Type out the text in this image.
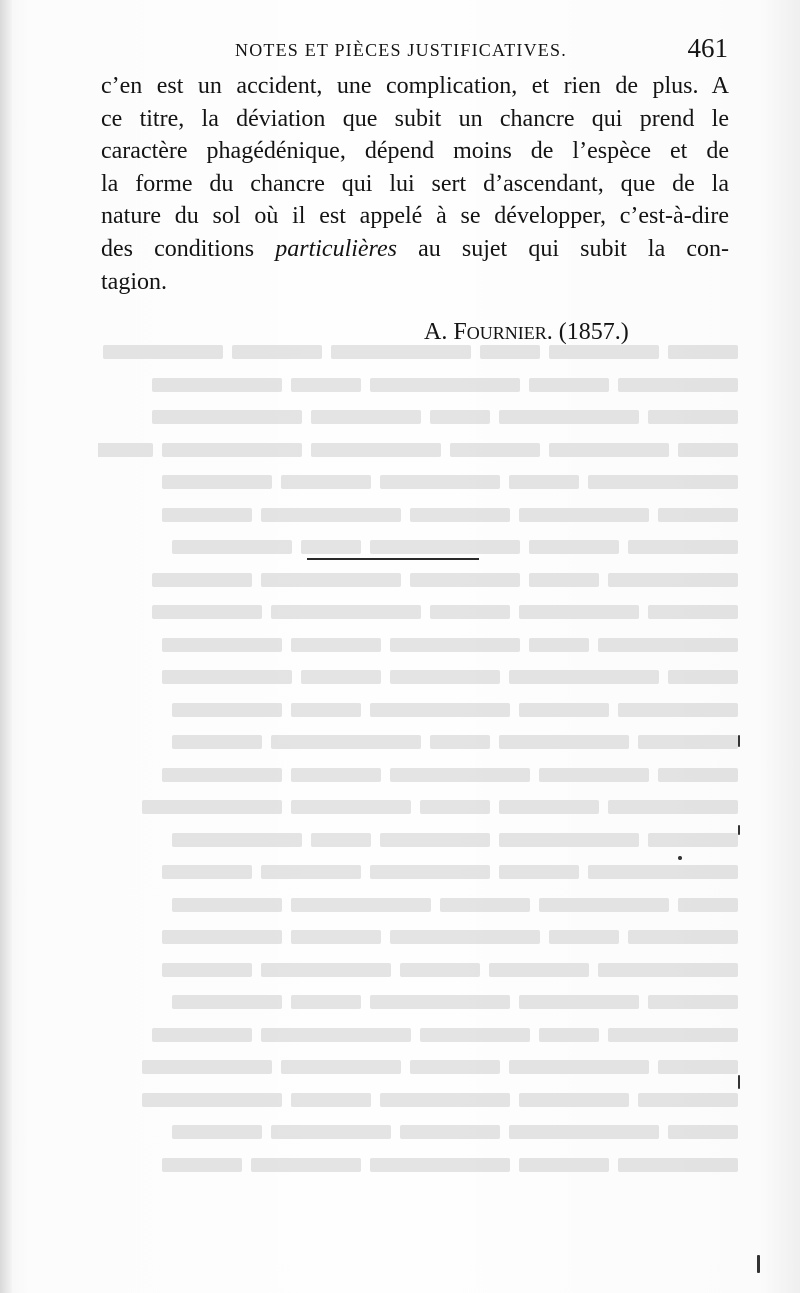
NOTES ET PIÈCES JUSTIFICATIVES.	461
c’en est un accident, une complication, et rien de plus. A
ce titre, la déviation que subit un chancre qui prend le
caractère phagédénique, dépend moins de l’espèce et de
la forme du chancre qui lui sert d’ascendant, que de la
nature du sol où il est appelé à se développer, c’est-à-dire
des conditions particulières au sujet qui subit la con-
tagion.
A. FOURNIER. (1857.)
